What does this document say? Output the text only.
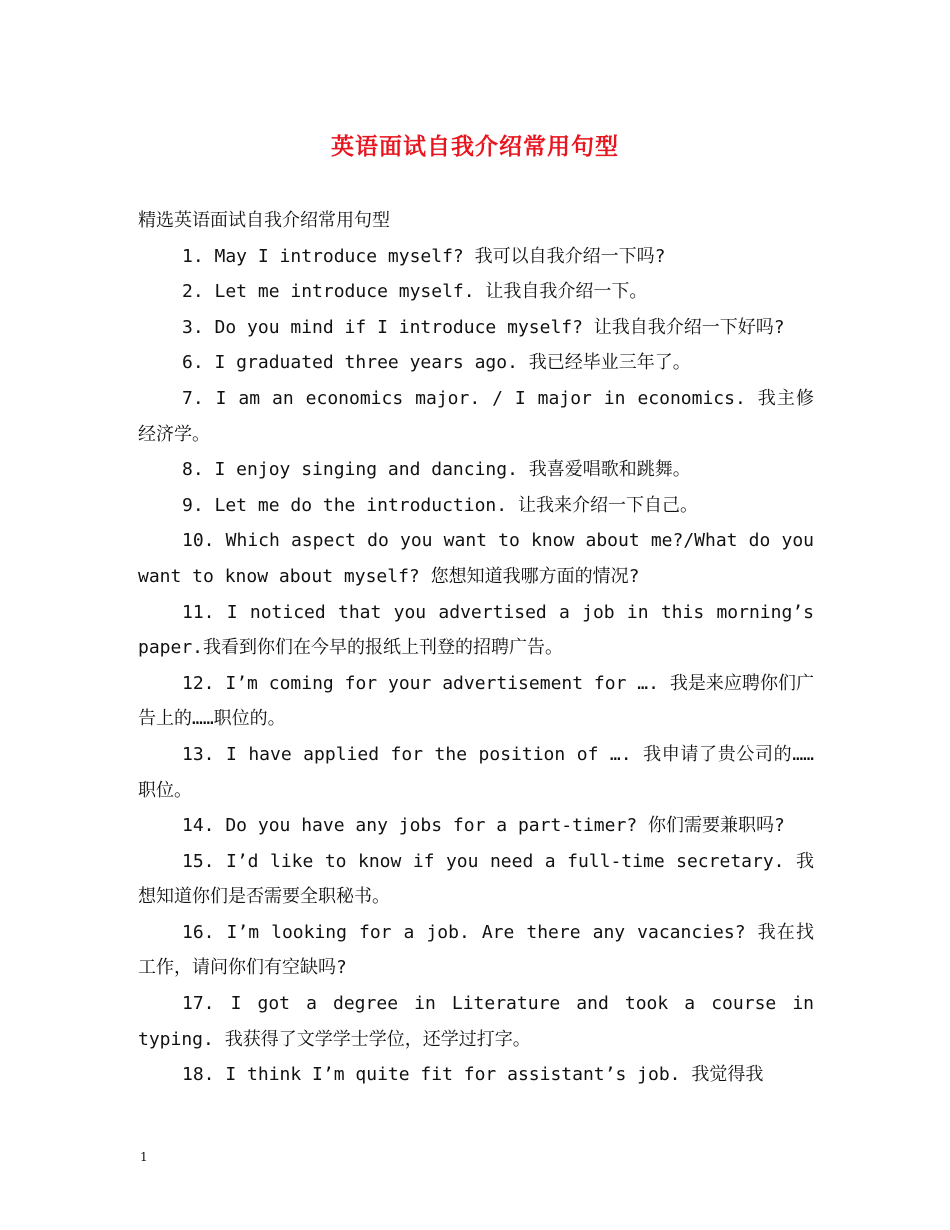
英语面试自我介绍常用句型

精选英语面试自我介绍常用句型

1. May I introduce myself? 我可以自我介绍一下吗?

2. Let me introduce myself. 让我自我介绍一下。

3. Do you mind if I introduce myself? 让我自我介绍一下好吗?

6. I graduated three years ago. 我已经毕业三年了。

7. I am an economics major. / I major in economics. 我主修经济学。

8. I enjoy singing and dancing. 我喜爱唱歌和跳舞。

9. Let me do the introduction. 让我来介绍一下自己。

10. Which aspect do you want to know about me?/What do you want to know about myself? 您想知道我哪方面的情况?

11. I noticed that you advertised a job in this morning’s paper.我看到你们在今早的报纸上刊登的招聘广告。

12. I’m coming for your advertisement for …. 我是来应聘你们广告上的……职位的。

13. I have applied for the position of …. 我申请了贵公司的……职位。

14. Do you have any jobs for a part-timer? 你们需要兼职吗?

15. I’d like to know if you need a full-time secretary. 我想知道你们是否需要全职秘书。

16. I’m looking for a job. Are there any vacancies? 我在找工作，请问你们有空缺吗?

17. I got a degree in Literature and took a course in typing. 我获得了文学学士学位，还学过打字。

18. I think I’m quite fit for assistant’s job. 我觉得我

1
